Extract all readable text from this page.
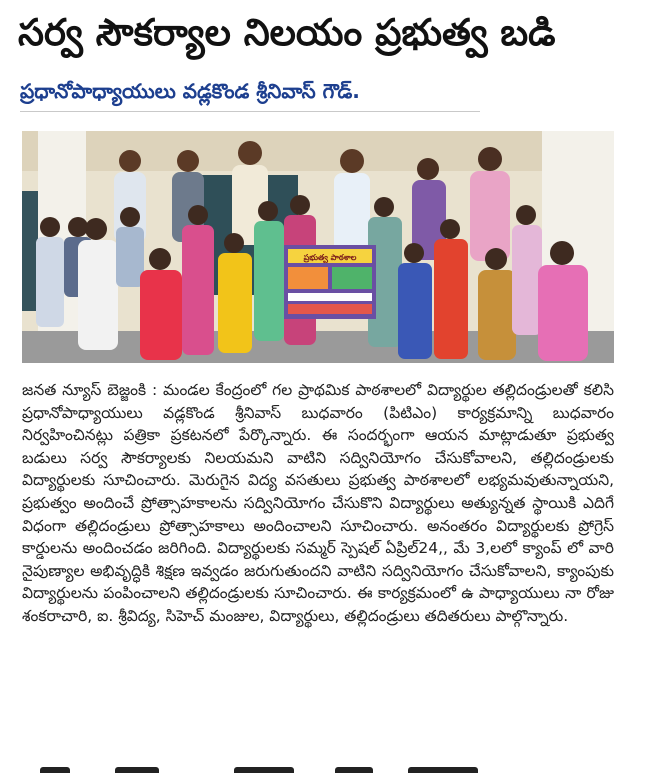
సర్వ సౌకర్యాల నిలయం ప్రభుత్వ బడి
ప్రధానోపాధ్యాయులు వడ్లకొండ శ్రీనివాస్ గౌడ్.
ప్రభుత్వ పాఠశాల

జనత న్యూస్ బెజ్జంకి : మండల కేంద్రంలో గల ప్రాథమిక పాఠశాలలో విద్యార్థుల తల్లిదండ్రులతో కలిసి ప్రధానోపాధ్యాయులు వడ్లకొండ శ్రీనివాస్ బుధవారం (పిటిఎం) కార్యక్రమాన్ని బుధవారం నిర్వహించినట్లు పత్రికా ప్రకటనలో పేర్కొన్నారు. ఈ సందర్భంగా ఆయన మాట్లాడుతూ ప్రభుత్వ బడులు సర్వ సౌకర్యాలకు నిలయమని వాటిని సద్వినియోగం చేసుకోవాలని, తల్లిదండ్రులకు విద్యార్థులకు సూచించారు. మెరుగైన విద్య వసతులు ప్రభుత్వ పాఠశాలలో లభ్యమవుతున్నాయని, ప్రభుత్వం అందించే ప్రోత్సాహకాలను సద్వినియోగం చేసుకొని విద్యార్థులు అత్యున్నత స్థాయికి ఎదిగే విధంగా తల్లిదండ్రులు ప్రోత్సాహకాలు అందించాలని సూచించారు. అనంతరం విద్యార్థులకు ప్రోగ్రెస్ కార్డులను అందించడం జరిగింది. విద్యార్థులకు సమ్మర్ స్పెషల్ ఏప్రిల్24,, మే 3,లలో క్యాంప్ లో వారి నైపుణ్యాల అభివృద్ధికి శిక్షణ ఇవ్వడం జరుగుతుందని వాటిని సద్వినియోగం చేసుకోవాలని, క్యాంపుకు విద్యార్థులను పంపించాలని తల్లిదండ్రులకు సూచించారు. ఈ కార్యక్రమంలో ఉ పాధ్యాయులు నా రోజు శంకరాచారి, ఐ. శ్రీవిద్య, సిహెచ్ మంజుల, విద్యార్థులు, తల్లిదండ్రులు తదితరులు పాల్గొన్నారు.
